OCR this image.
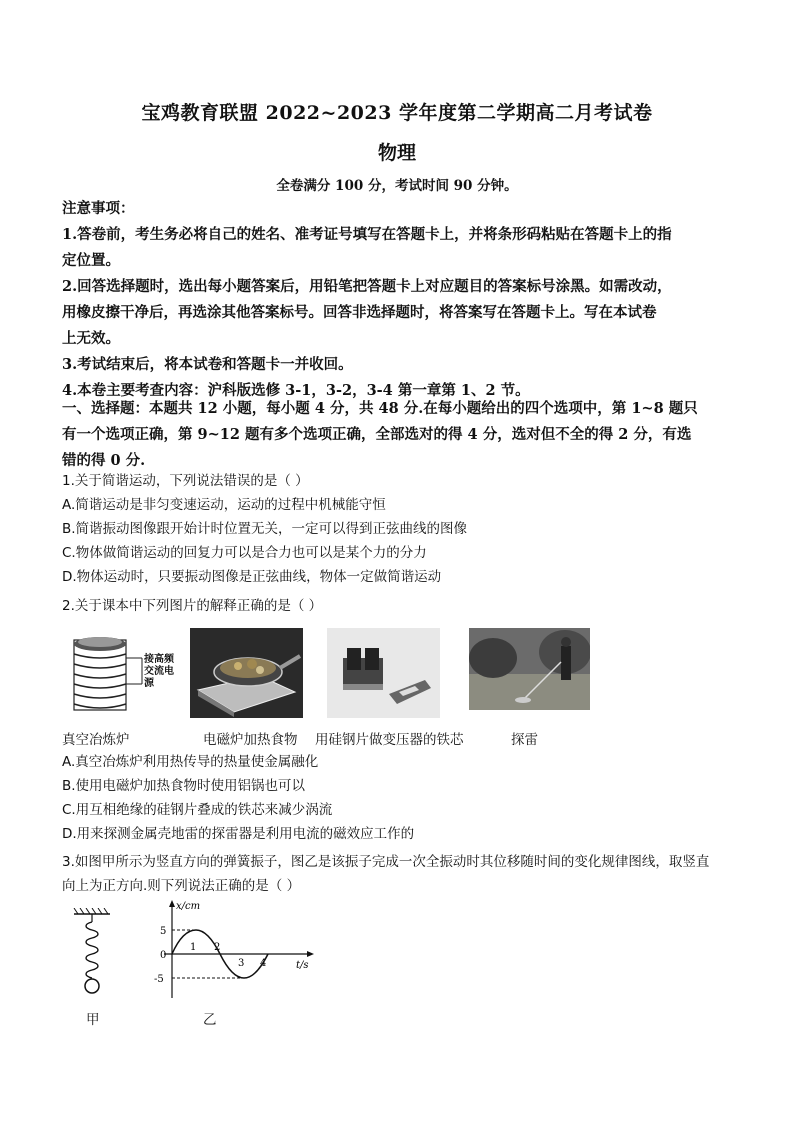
宝鸡教育联盟 2022~2023 学年度第二学期高二月考试卷
物理
全卷满分 100 分，考试时间 90 分钟。
注意事项：
1.答卷前，考生务必将自己的姓名、准考证号填写在答题卡上，并将条形码粘贴在答题卡上的指
定位置。
2.回答选择题时，选出每小题答案后，用铅笔把答题卡上对应题目的答案标号涂黑。如需改动，
用橡皮擦干净后，再选涂其他答案标号。回答非选择题时，将答案写在答题卡上。写在本试卷
上无效。
3.考试结束后，将本试卷和答题卡一并收回。
4.本卷主要考查内容：沪科版选修 3-1，3-2，3-4 第一章第 1、2 节。
一、选择题：本题共 12 小题，每小题 4 分，共 48 分.在每小题给出的四个选项中，第 1~8 题只
有一个选项正确，第 9~12 题有多个选项正确，全部选对的得 4 分，选对但不全的得 2 分，有选
错的得 0 分.
1.关于简谐运动，下列说法错误的是（ ）
A.简谐运动是非匀变速运动，运动的过程中机械能守恒
B.简谐振动图像跟开始计时位置无关，一定可以得到正弦曲线的图像
C.物体做简谐运动的回复力可以是合力也可以是某个力的分力
D.物体运动时，只要振动图像是正弦曲线，物体一定做简谐运动
2.关于课本中下列图片的解释正确的是（ ）
接高频交流电源
真空冶炼炉	电磁炉加热食物 用硅钢片做变压器的铁芯	探雷
A.真空冶炼炉利用热传导的热量使金属融化
B.使用电磁炉加热食物时使用铝锅也可以
C.用互相绝缘的硅钢片叠成的铁芯来减少涡流
D.用来探测金属壳地雷的探雷器是利用电流的磁效应工作的
3.如图甲所示为竖直方向的弹簧振子，图乙是该振子完成一次全振动时其位移随时间的变化规律图线，取竖直
向上为正方向.则下列说法正确的是（ ）
x/cm
t/s
5
0
-5
1 2
3 4
甲	乙
